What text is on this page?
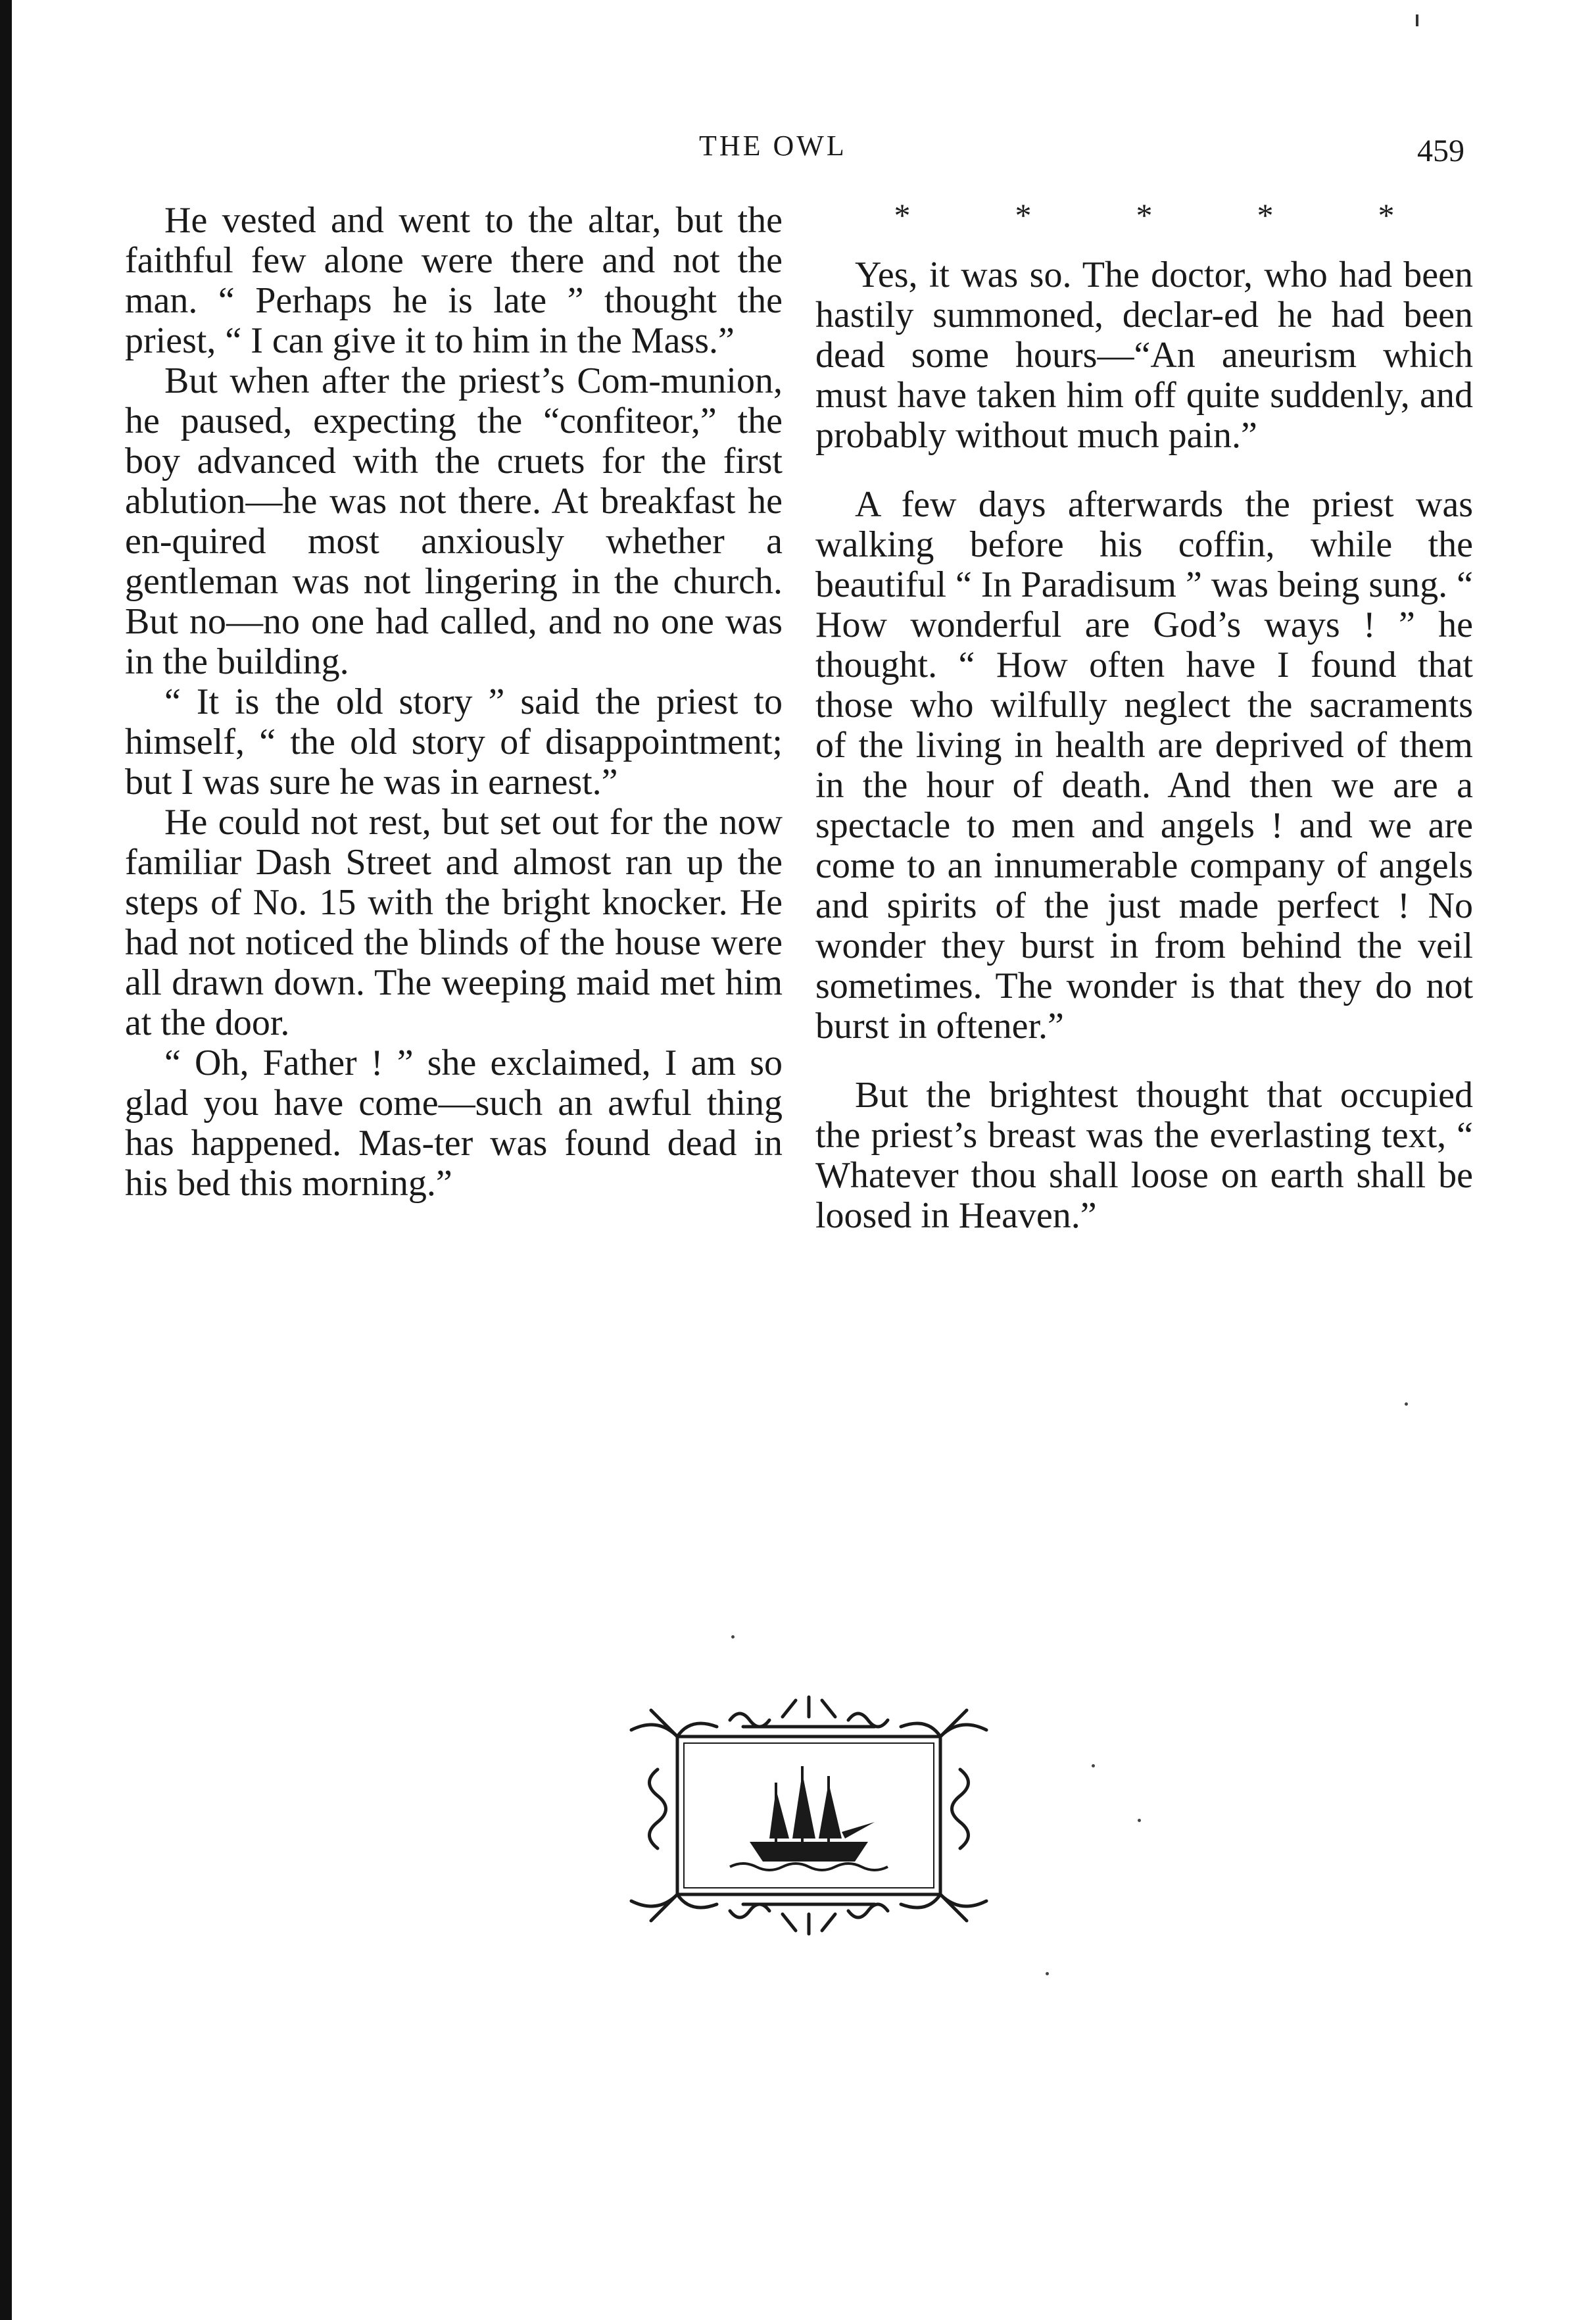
THE OWL	459

He vested and went to the altar, but the faithful few alone were there and not the man. “ Perhaps he is late ” thought the priest, “ I can give it to him in the Mass.”

But when after the priest’s Com-munion, he paused, expecting the “confiteor,” the boy advanced with the cruets for the first ablution—he was not there. At breakfast he en-quired most anxiously whether a gentleman was not lingering in the church. But no—no one had called, and no one was in the building.

“ It is the old story ” said the priest to himself, “ the old story of disappointment; but I was sure he was in earnest.”

He could not rest, but set out for the now familiar Dash Street and almost ran up the steps of No. 15 with the bright knocker. He had not noticed the blinds of the house were all drawn down. The weeping maid met him at the door.

“ Oh, Father ! ” she exclaimed, I am so glad you have come—such an awful thing has happened. Mas-ter was found dead in his bed this morning.”

*	*	*	*	*

Yes, it was so. The doctor, who had been hastily summoned, declar-ed he had been dead some hours—“An aneurism which must have taken him off quite suddenly, and probably without much pain.”

A few days afterwards the priest was walking before his coffin, while the beautiful “ In Paradisum ” was being sung. “ How wonderful are God’s ways ! ” he thought. “ How often have I found that those who wilfully neglect the sacraments of the living in health are deprived of them in the hour of death. And then we are a spectacle to men and angels ! and we are come to an innumerable company of angels and spirits of the just made perfect ! No wonder they burst in from behind the veil sometimes. The wonder is that they do not burst in oftener.”

But the brightest thought that occupied the priest’s breast was the everlasting text, “ Whatever thou shall loose on earth shall be loosed in Heaven.”
